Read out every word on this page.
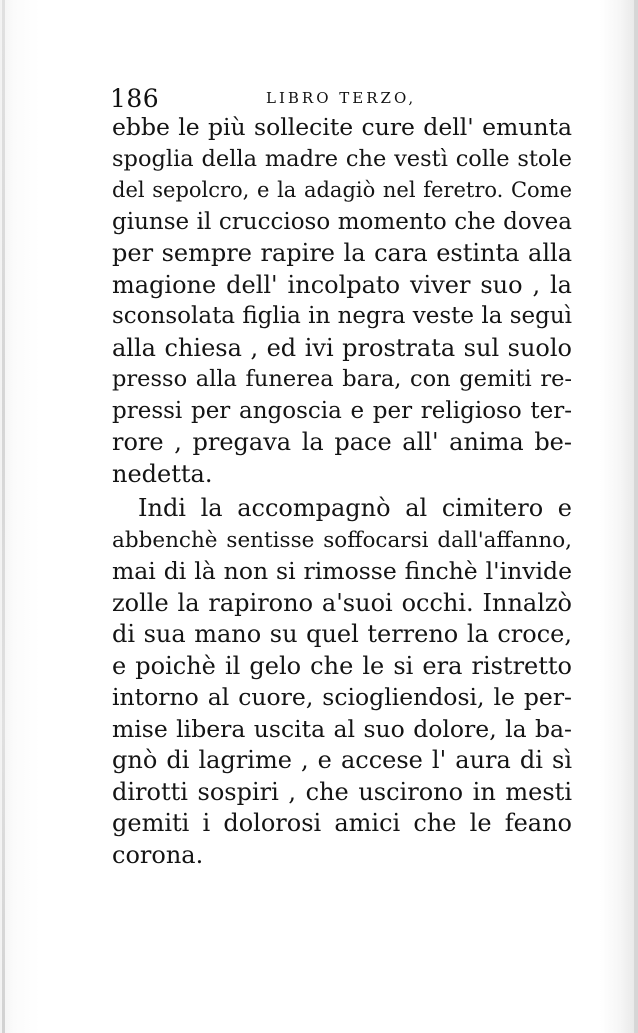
186	LIBRO TERZO,
ebbe le più sollecite cure dell' emunta
spoglia della madre che vestì colle stole
del sepolcro, e la adagiò nel feretro. Come
giunse il cruccioso momento che dovea
per sempre rapire la cara estinta alla
magione dell' incolpato viver suo , la
sconsolata figlia in negra veste la seguì
alla chiesa , ed ivi prostrata sul suolo
presso alla funerea bara, con gemiti re-
pressi per angoscia e per religioso ter-
rore , pregava la pace all' anima be-
nedetta.
Indi la accompagnò al cimitero e
abbenchè sentisse soffocarsi dall'affanno,
mai di là non si rimosse finchè l'invide
zolle la rapirono a'suoi occhi. Innalzò
di sua mano su quel terreno la croce,
e poichè il gelo che le si era ristretto
intorno al cuore, sciogliendosi, le per-
mise libera uscita al suo dolore, la ba-
gnò di lagrime , e accese l' aura di sì
dirotti sospiri , che uscirono in mesti
gemiti i dolorosi amici che le feano
corona.
